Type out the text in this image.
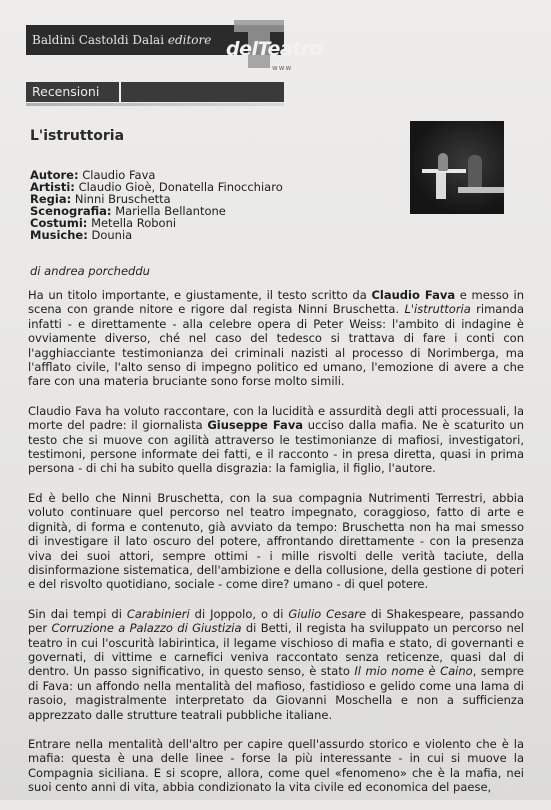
Baldini Castoldi Dalai editore delTeatro
www
Recensioni
L'istruttoria
Autore: Claudio Fava
Artisti: Claudio Gioè, Donatella Finocchiaro
Regia: Ninni Bruschetta
Scenografia: Mariella Bellantone
Costumi: Metella Roboni
Musiche: Dounia
di andrea porcheddu

Ha un titolo importante, e giustamente, il testo scritto da Claudio Fava e messo in scena con grande nitore e rigore dal regista Ninni Bruschetta. L'istruttoria rimanda infatti - e direttamente - alla celebre opera di Peter Weiss: l'ambito di indagine è ovviamente diverso, ché nel caso del tedesco si trattava di fare i conti con l'agghiacciante testimonianza dei criminali nazisti al processo di Norimberga, ma l'afflato civile, l'alto senso di impegno politico ed umano, l'emozione di avere a che fare con una materia bruciante sono forse molto simili.

Claudio Fava ha voluto raccontare, con la lucidità e assurdità degli atti processuali, la morte del padre: il giornalista Giuseppe Fava ucciso dalla mafia. Ne è scaturito un testo che si muove con agilità attraverso le testimonianze di mafiosi, investigatori, testimoni, persone informate dei fatti, e il racconto - in presa diretta, quasi in prima persona - di chi ha subito quella disgrazia: la famiglia, il figlio, l'autore.

Ed è bello che Ninni Bruschetta, con la sua compagnia Nutrimenti Terrestri, abbia voluto continuare quel percorso nel teatro impegnato, coraggioso, fatto di arte e dignità, di forma e contenuto, già avviato da tempo: Bruschetta non ha mai smesso di investigare il lato oscuro del potere, affrontando direttamente - con la presenza viva dei suoi attori, sempre ottimi - i mille risvolti delle verità taciute, della disinformazione sistematica, dell'ambizione e della collusione, della gestione di poteri e del risvolto quotidiano, sociale - come dire? umano - di quel potere.

Sin dai tempi di Carabinieri di Joppolo, o di Giulio Cesare di Shakespeare, passando per Corruzione a Palazzo di Giustizia di Betti, il regista ha sviluppato un percorso nel teatro in cui l'oscurità labirintica, il legame vischioso di mafia e stato, di governanti e governati, di vittime e carnefici veniva raccontato senza reticenze, quasi dal di dentro. Un passo significativo, in questo senso, è stato Il mio nome è Caino, sempre di Fava: un affondo nella mentalità del mafioso, fastidioso e gelido come una lama di rasoio, magistralmente interpretato da Giovanni Moschella e non a sufficienza apprezzato dalle strutture teatrali pubbliche italiane.

Entrare nella mentalità dell'altro per capire quell'assurdo storico e violento che è la mafia: questa è una delle linee - forse la più interessante - in cui si muove la Compagnia siciliana. E si scopre, allora, come quel «fenomeno» che è la mafia, nei suoi cento anni di vita, abbia condizionato la vita civile ed economica del paese,
